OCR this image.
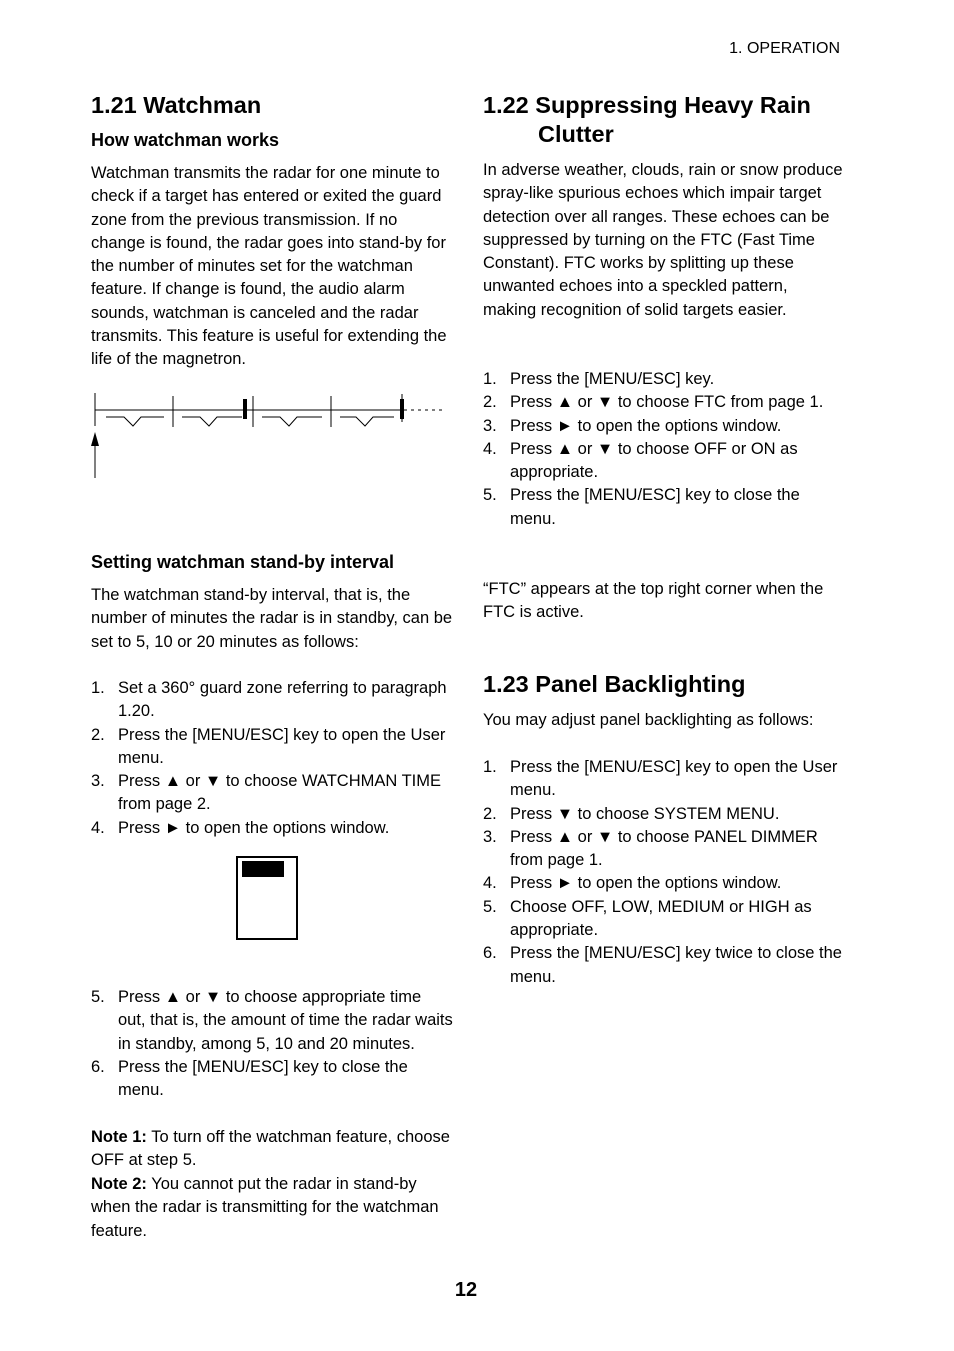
1. OPERATION
1.21 Watchman
How watchman works

Watchman transmits the radar for one minute to check if a target has entered or exited the guard zone from the previous transmission. If no change is found, the radar goes into stand-by for the number of minutes set for the watchman feature. If change is found, the audio alarm sounds, watchman is canceled and the radar transmits. This feature is useful for extending the life of the magnetron.

Setting watchman stand-by interval

The watchman stand-by interval, that is, the number of minutes the radar is in standby, can be set to 5, 10 or 20 minutes as follows:

1. Set a 360° guard zone referring to paragraph 1.20.
2. Press the [MENU/ESC] key to open the User menu.
3. Press ▲ or ▼ to choose WATCHMAN TIME from page 2.
4. Press ► to open the options window.
5. Press ▲ or ▼ to choose appropriate time out, that is, the amount of time the radar waits in standby, among 5, 10 and 20 minutes.
6. Press the [MENU/ESC] key to close the menu.

Note 1: To turn off the watchman feature, choose OFF at step 5.

Note 2: You cannot put the radar in stand-by when the radar is transmitting for the watchman feature.

1.22 Suppressing Heavy Rain
Clutter

In adverse weather, clouds, rain or snow produce spray-like spurious echoes which impair target detection over all ranges. These echoes can be suppressed by turning on the FTC (Fast Time Constant). FTC works by splitting up these unwanted echoes into a speckled pattern, making recognition of solid targets easier.

1. Press the [MENU/ESC] key.
2. Press ▲ or ▼ to choose FTC from page 1.
3. Press ► to open the options window.
4. Press ▲ or ▼ to choose OFF or ON as appropriate.
5. Press the [MENU/ESC] key to close the menu.

“FTC” appears at the top right corner when the FTC is active.

1.23 Panel Backlighting

You may adjust panel backlighting as follows:

1. Press the [MENU/ESC] key to open the User menu.
2. Press ▼ to choose SYSTEM MENU.
3. Press ▲ or ▼ to choose PANEL DIMMER from page 1.
4. Press ► to open the options window.
5. Choose OFF, LOW, MEDIUM or HIGH as appropriate.
6. Press the [MENU/ESC] key twice to close the menu.
12
